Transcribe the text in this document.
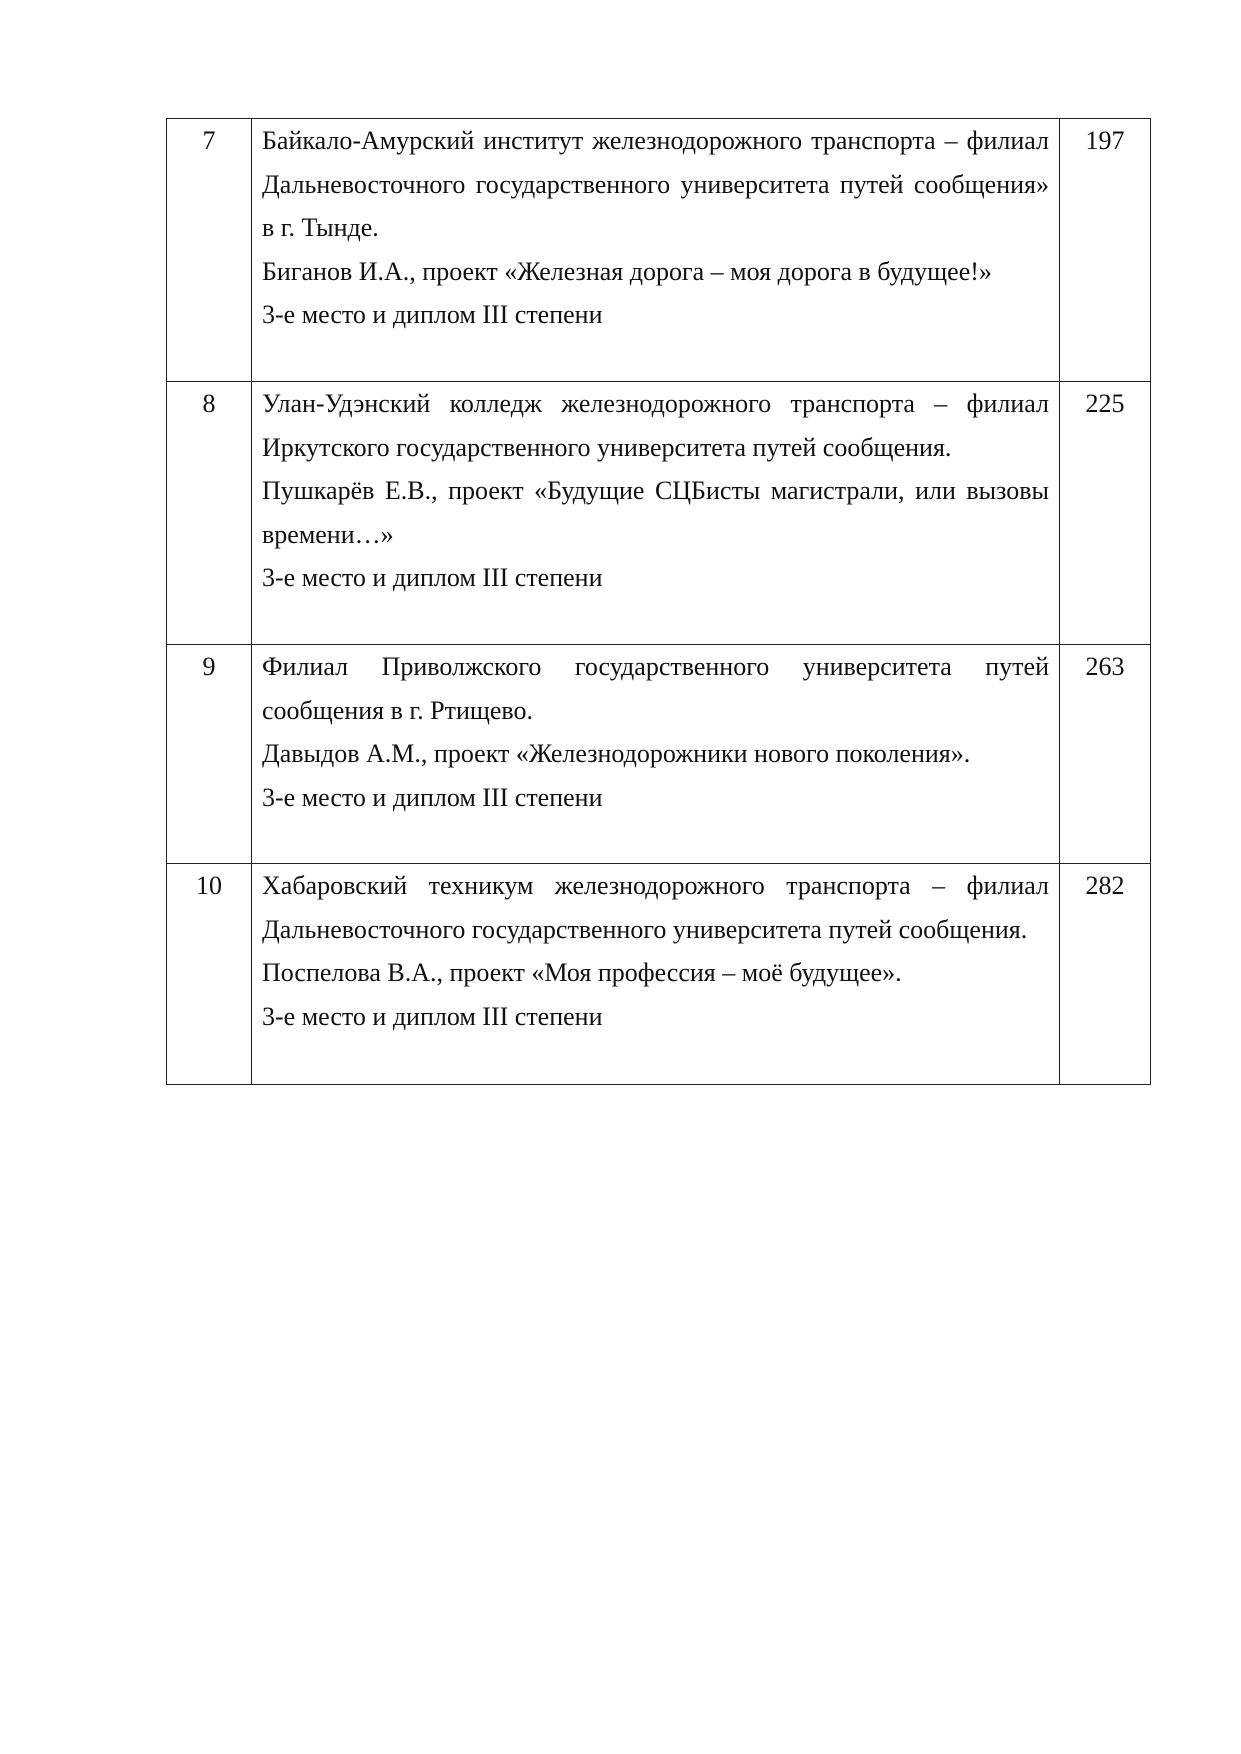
7	Байкало-Амурский институт железнодорожного транспорта – филиал Дальневосточного государственного университета путей сообщения» в г. Тынде.
Биганов И.А., проект «Железная дорога – моя дорога в будущее!»
3-е место и диплом III степени	197
8	Улан-Удэнский колледж железнодорожного транспорта – филиал Иркутского государственного университета путей сообщения.
Пушкарёв Е.В., проект «Будущие СЦБисты магистрали, или вызовы времени…»
3-е место и диплом III степени	225
9	Филиал Приволжского государственного университета путей сообщения в г. Ртищево.
Давыдов А.М., проект «Железнодорожники нового поколения».
3-е место и диплом III степени	263
10	Хабаровский техникум железнодорожного транспорта – филиал Дальневосточного государственного университета путей сообщения.
Поспелова В.А., проект «Моя профессия – моё будущее».
3-е место и диплом III степени	282
